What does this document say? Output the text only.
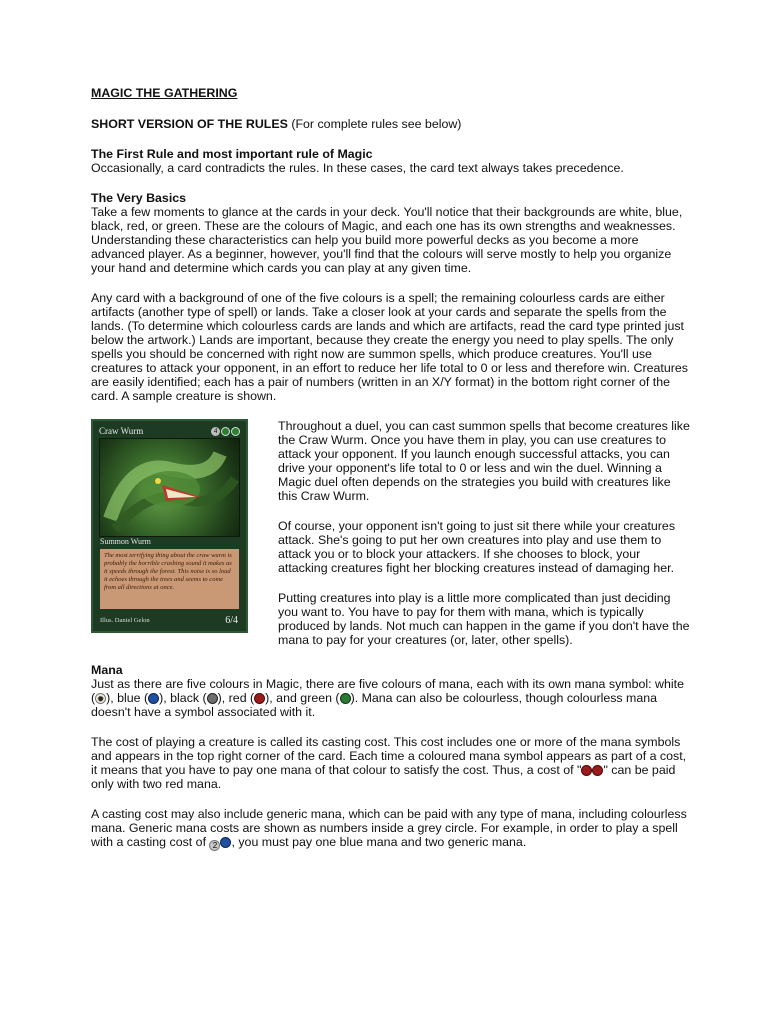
MAGIC THE GATHERING

SHORT VERSION OF THE RULES (For complete rules see below)

The First Rule and most important rule of Magic

Occasionally, a card contradicts the rules. In these cases, the card text always takes precedence.

The Very Basics

Take a few moments to glance at the cards in your deck. You'll notice that their backgrounds are white, blue, black, red, or green. These are the colours of Magic, and each one has its own strengths and weaknesses. Understanding these characteristics can help you build more powerful decks as you become a more advanced player. As a beginner, however, you'll find that the colours will serve mostly to help you organize your hand and determine which cards you can play at any given time.

Any card with a background of one of the five colours is a spell; the remaining colourless cards are either artifacts (another type of spell) or lands. Take a closer look at your cards and separate the spells from the lands. (To determine which colourless cards are lands and which are artifacts, read the card type printed just below the artwork.) Lands are important, because they create the energy you need to play spells. The only spells you should be concerned with right now are summon spells, which produce creatures. You'll use creatures to attack your opponent, in an effort to reduce her life total to 0 or less and therefore win. Creatures are easily identified; each has a pair of numbers (written in an X/Y format) in the bottom right corner of the card. A sample creature is shown.

Craw Wurm	4
Summon Wurm
The most terrifying thing about the craw wurm is probably the horrible crashing sound it makes as it speeds through the forest. This noise is so loud it echoes through the trees and seems to come from all directions at once.
Illus. Daniel Gelon	6/4

Throughout a duel, you can cast summon spells that become creatures like the Craw Wurm. Once you have them in play, you can use creatures to attack your opponent. If you launch enough successful attacks, you can drive your opponent's life total to 0 or less and win the duel. Winning a Magic duel often depends on the strategies you build with creatures like this Craw Wurm.

Of course, your opponent isn't going to just sit there while your creatures attack. She's going to put her own creatures into play and use them to attack you or to block your attackers. If she chooses to block, your attacking creatures fight her blocking creatures instead of damaging her.

Putting creatures into play is a little more complicated than just deciding you want to. You have to pay for them with mana, which is typically produced by lands. Not much can happen in the game if you don't have the mana to pay for your creatures (or, later, other spells).

Mana

Just as there are five colours in Magic, there are five colours of mana, each with its own mana symbol: white (✹ ), blue ( ), black ( ), red ( ), and green ( ). Mana can also be colourless, though colourless mana doesn't have a symbol associated with it.

The cost of playing a creature is called its casting cost. This cost includes one or more of the mana symbols and appears in the top right corner of the card. Each time a coloured mana symbol appears as part of a cost, it means that you have to pay one mana of that colour to satisfy the cost. Thus, a cost of " " can be paid only with two red mana.

A casting cost may also include generic mana, which can be paid with any type of mana, including colourless mana. Generic mana costs are shown as numbers inside a grey circle. For example, in order to play a spell with a casting cost of 2 , you must pay one blue mana and two generic mana.
